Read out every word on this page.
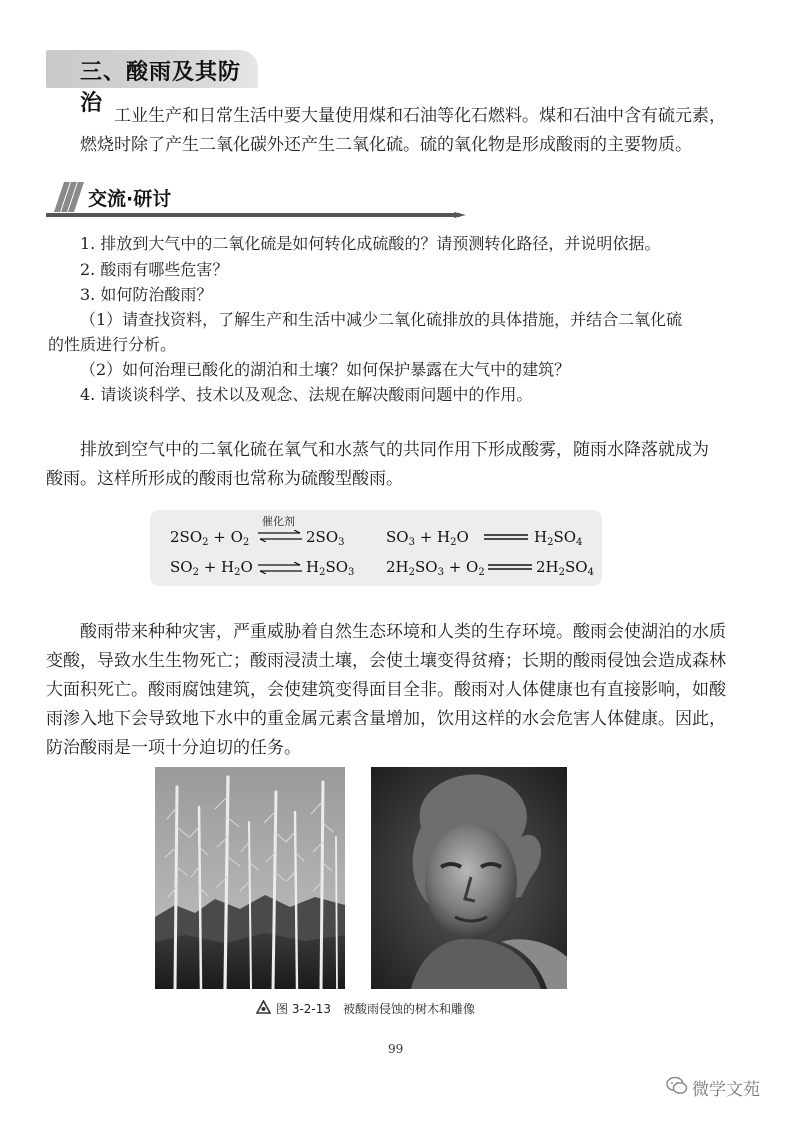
三、酸雨及其防治 工业生产和日常生活中要大量使用煤和石油等化石燃料。煤和石油中含有硫元素，
燃烧时除了产生二氧化碳外还产生二氧化硫。硫的氧化物是形成酸雨的主要物质。
交流·研讨
1. 排放到大气中的二氧化硫是如何转化成硫酸的？请预测转化路径，并说明依据。
2. 酸雨有哪些危害？
3. 如何防治酸雨？
（1）请查找资料，了解生产和生活中减少二氧化硫排放的具体措施，并结合二氧化硫
的性质进行分析。
（2）如何治理已酸化的湖泊和土壤？如何保护暴露在大气中的建筑？
4. 请谈谈科学、技术以及观念、法规在解决酸雨问题中的作用。
排放到空气中的二氧化硫在氧气和水蒸气的共同作用下形成酸雾，随雨水降落就成为
酸雨。这样所形成的酸雨也常称为硫酸型酸雨。
$2SO_2 + O_2$
催化剂
⇌ $2SO_3$	$SO_3 + H_2O$	$H_2SO_4$
$SO_2 + H_2O$ ⇌ $H_2SO_3$ $2H_2SO_3 + O_2$	$2H_2SO_4$
酸雨带来种种灾害，严重威胁着自然生态环境和人类的生存环境。酸雨会使湖泊的水质
变酸，导致水生生物死亡；酸雨浸渍土壤，会使土壤变得贫瘠；长期的酸雨侵蚀会造成森林
大面积死亡。酸雨腐蚀建筑，会使建筑变得面目全非。酸雨对人体健康也有直接影响，如酸
雨渗入地下会导致地下水中的重金属元素含量增加，饮用这样的水会危害人体健康。因此，
防治酸雨是一项十分迫切的任务。
图 3-2-13　被酸雨侵蚀的树木和雕像
99
微学文苑
